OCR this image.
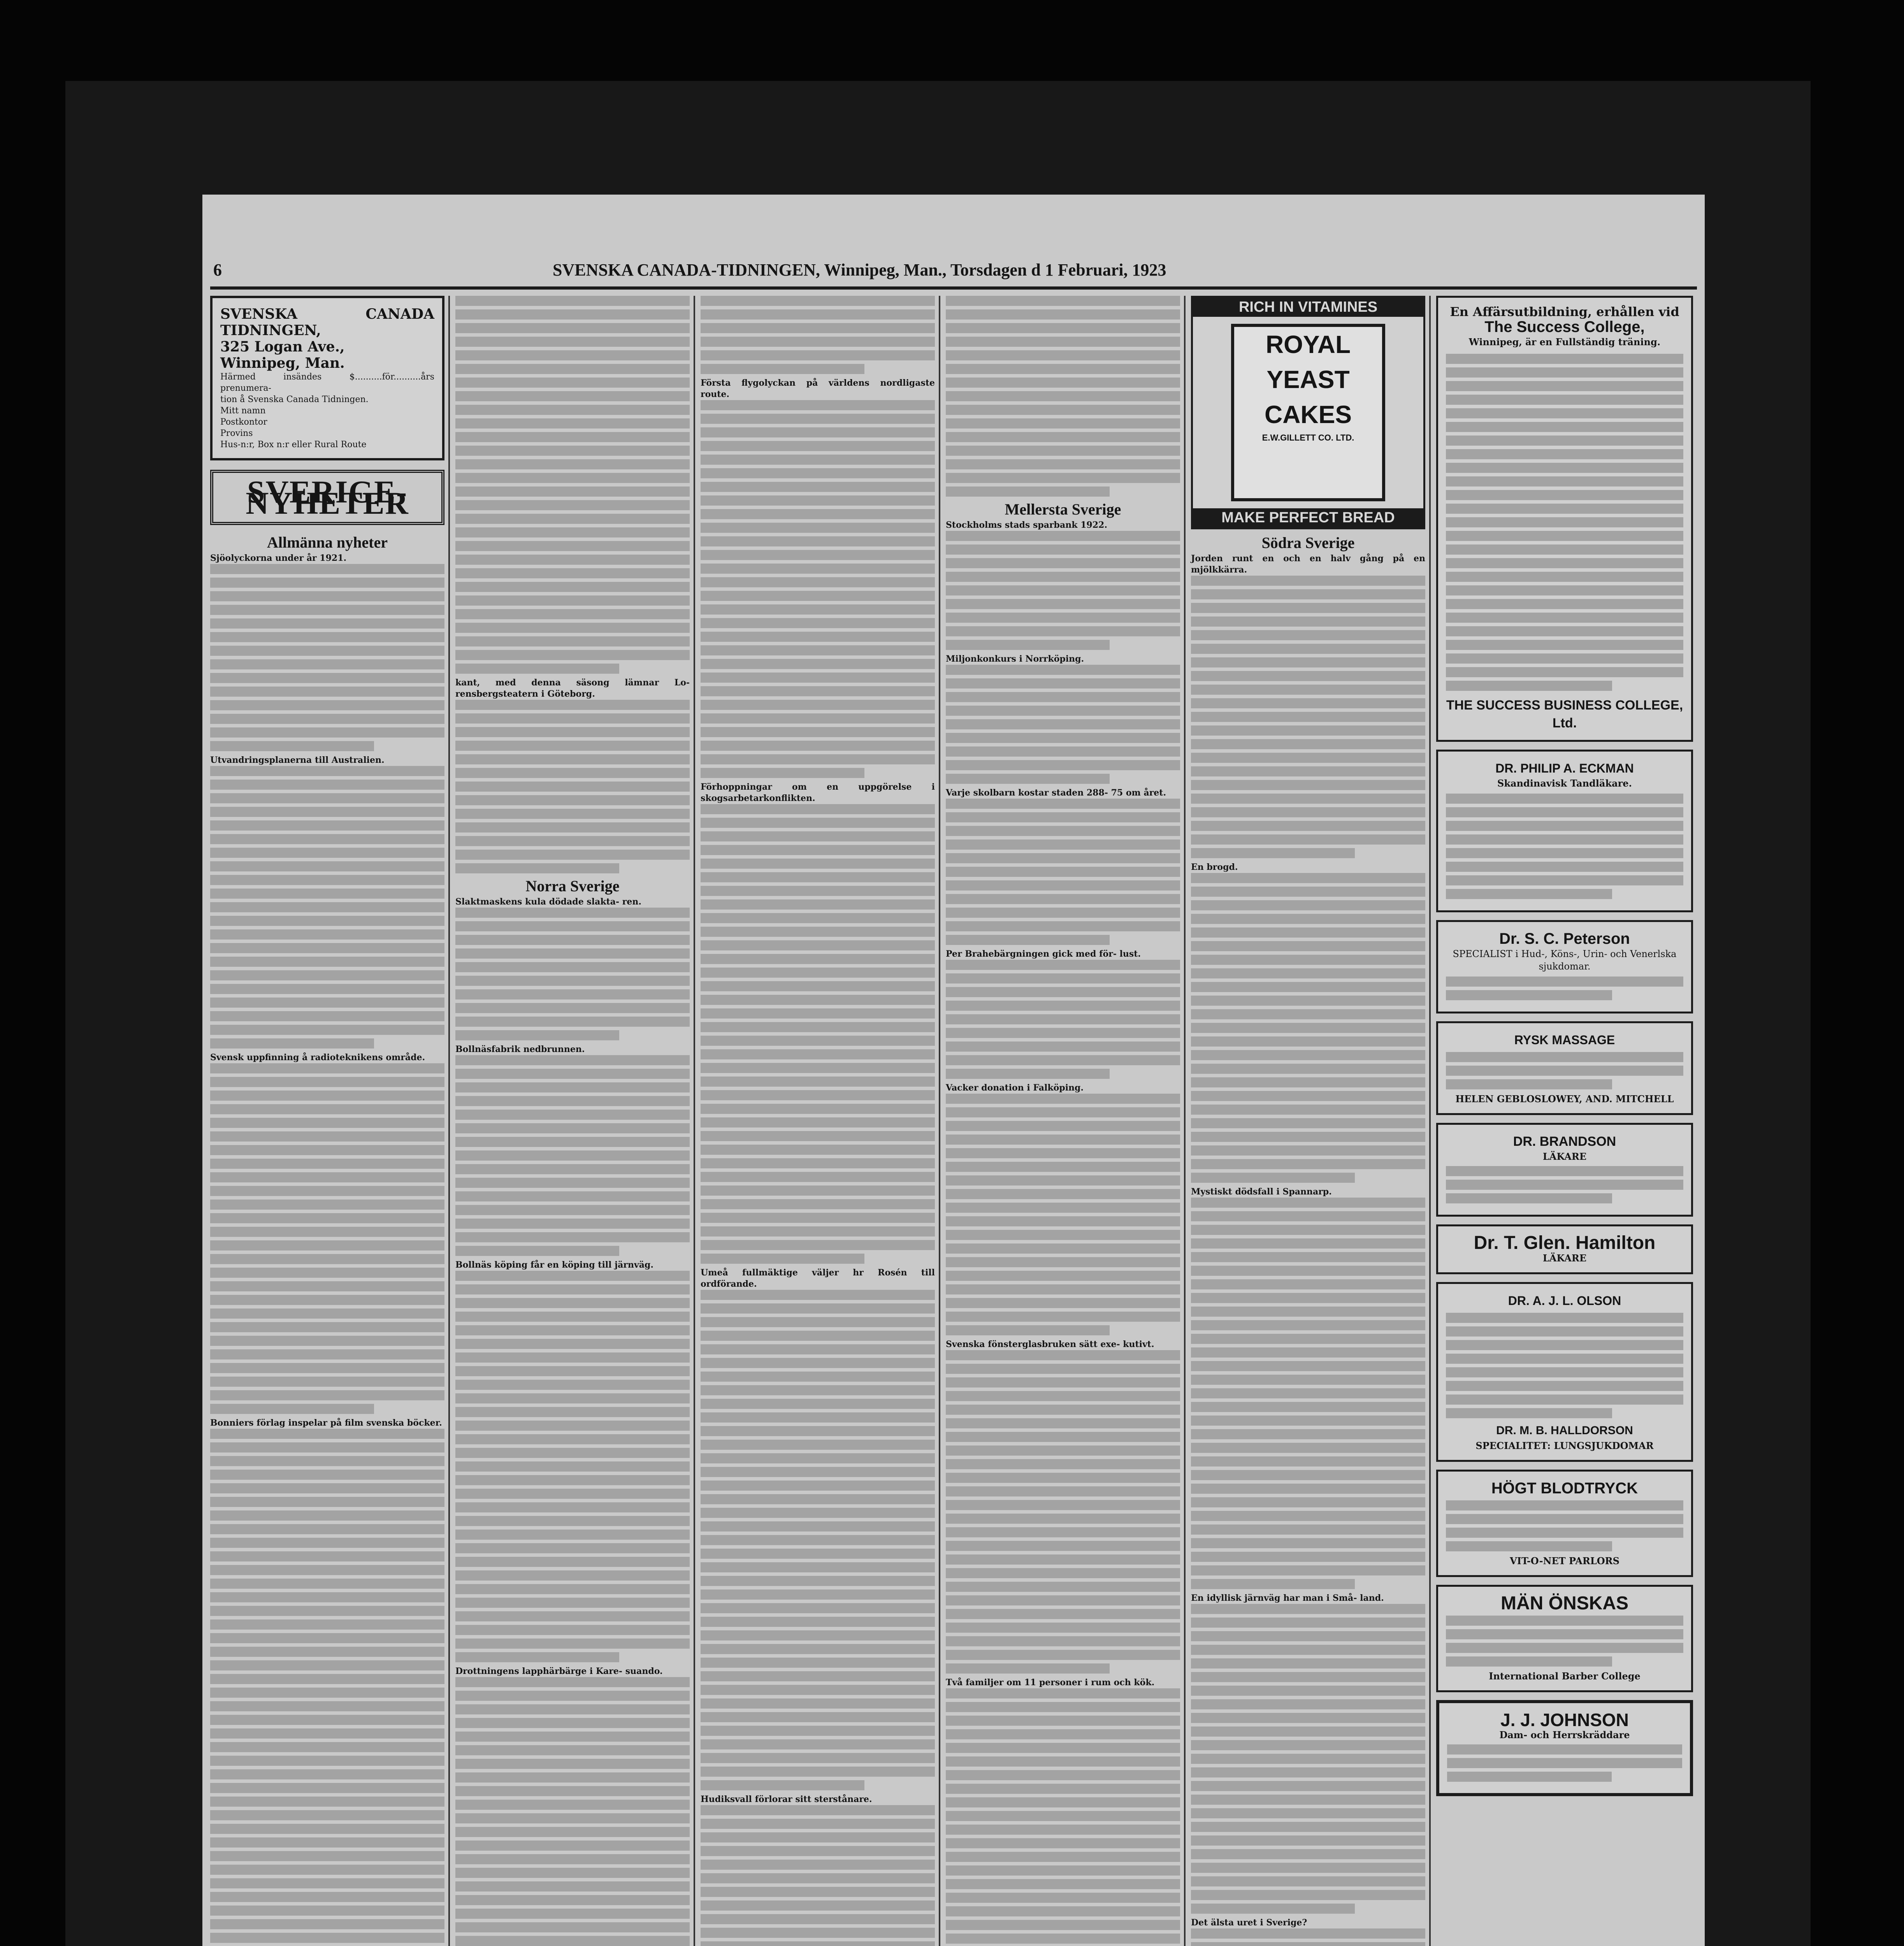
6	SVENSKA CANADA-TIDNINGEN, Winnipeg, Man., Torsdagen d 1 Februari, 1923
SVENSKA CANADA TIDNINGEN,
325 Logan Ave.,
Winnipeg, Man.
Härmed insändes $..........för..........års prenumera-
tion å Svenska Canada Tidningen.
Mitt namn
Postkontor
Provins
Hus-n:r, Box n:r eller Rural Route
SVERIGE-NYHETER
Allmänna nyheter
Sjöolyckorna under år 1921.
Utvandringsplanerna till Australien.
Svensk uppfinning å radioteknikens område.
Bonniers förlag inspelar på film svenska böcker.
kant, med denna säsong lämnar Lo- rensbergsteatern i Göteborg.
Norra Sverige
Slaktmaskens kula dödade slakta- ren.
Bollnäsfabrik nedbrunnen.
Bollnäs köping får en köping till järnväg.
Drottningens lapphärbärge i Kare- suando.
Första flygolyckan på världens nordligaste route.
Förhoppningar om en uppgörelse i skogsarbetarkonflikten.
Umeå fullmäktige väljer hr Rosén till ordförande.
Hudiksvall förlorar sitt sterstånare.
Mellersta Sverige
Stockholms stads sparbank 1922.
Miljonkonkurs i Norrköping.
Varje skolbarn kostar staden 288- 75 om året.
Per Brahebärgningen gick med för- lust.
Vacker donation i Falköping.
Svenska fönsterglasbruken sätt exe- kutivt.
Två familjer om 11 personer i rum och kök.
RICH IN VITAMINES
ROYAL
YEAST
CAKES
E.W.GILLETT CO. LTD.
MAKE PERFECT BREAD
Södra Sverige
Jorden runt en och en halv gång på en mjölkkärra.
En brogd.
Mystiskt dödsfall i Spannarp.
En idyllisk järnväg har man i Små- land.
Det älsta uret i Sverige?
En Affärsutbildning, erhållen vid
The Success College,
Winnipeg, är en Fullständig träning.
THE SUCCESS BUSINESS COLLEGE, Ltd.
DR. PHILIP A. ECKMAN
Skandinavisk Tandläkare.
Dr. S. C. Peterson
SPECIALIST i Hud-, Köns-, Urin- och Venerlska sjukdomar.
RYSK MASSAGE
HELEN GEBLOSLOWEY, AND. MITCHELL
DR. BRANDSON
LÄKARE
Dr. T. Glen. Hamilton
LÄKARE
DR. A. J. L. OLSON
DR. M. B. HALLDORSON
SPECIALITET: LUNGSJUKDOMAR
HÖGT BLODTRYCK
VIT-O-NET PARLORS
MÄN ÖNSKAS
International Barber College
J. J. JOHNSON
Dam- och Herrskräddare
